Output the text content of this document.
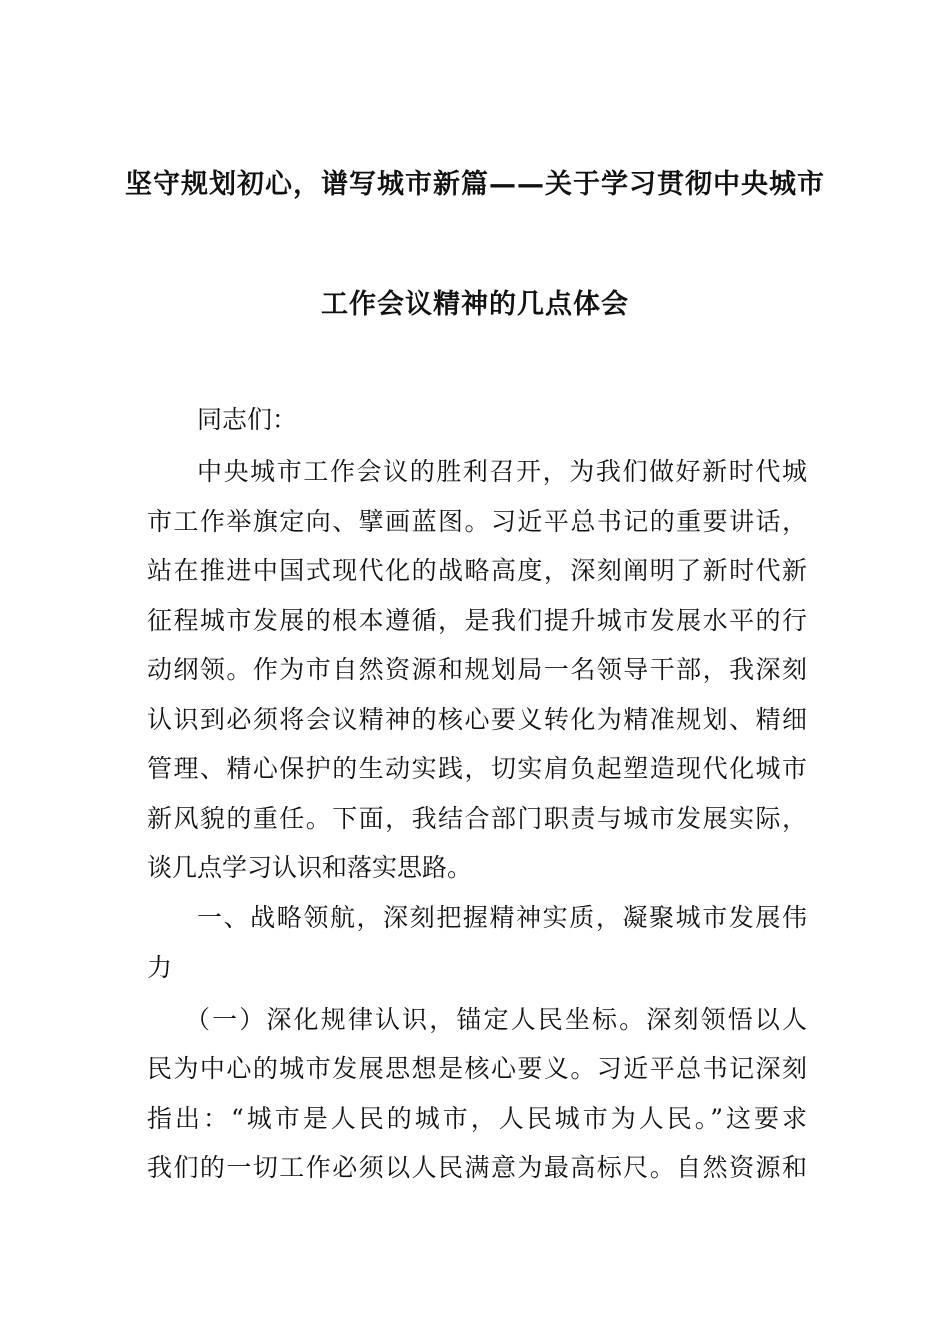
坚守规划初心，谱写城市新篇——关于学习贯彻中央城市
工作会议精神的几点体会
同志们：
中央城市工作会议的胜利召开，为我们做好新时代城
市工作举旗定向、擘画蓝图。习近平总书记的重要讲话，
站在推进中国式现代化的战略高度，深刻阐明了新时代新
征程城市发展的根本遵循，是我们提升城市发展水平的行
动纲领。作为市自然资源和规划局一名领导干部，我深刻
认识到必须将会议精神的核心要义转化为精准规划、精细
管理、精心保护的生动实践，切实肩负起塑造现代化城市
新风貌的重任。下面，我结合部门职责与城市发展实际，
谈几点学习认识和落实思路。
一、战略领航，深刻把握精神实质，凝聚城市发展伟
力
（一）深化规律认识，锚定人民坐标。深刻领悟以人
民为中心的城市发展思想是核心要义。习近平总书记深刻
指出：“城市是人民的城市，人民城市为人民。”这要求
我们的一切工作必须以人民满意为最高标尺。自然资源和
